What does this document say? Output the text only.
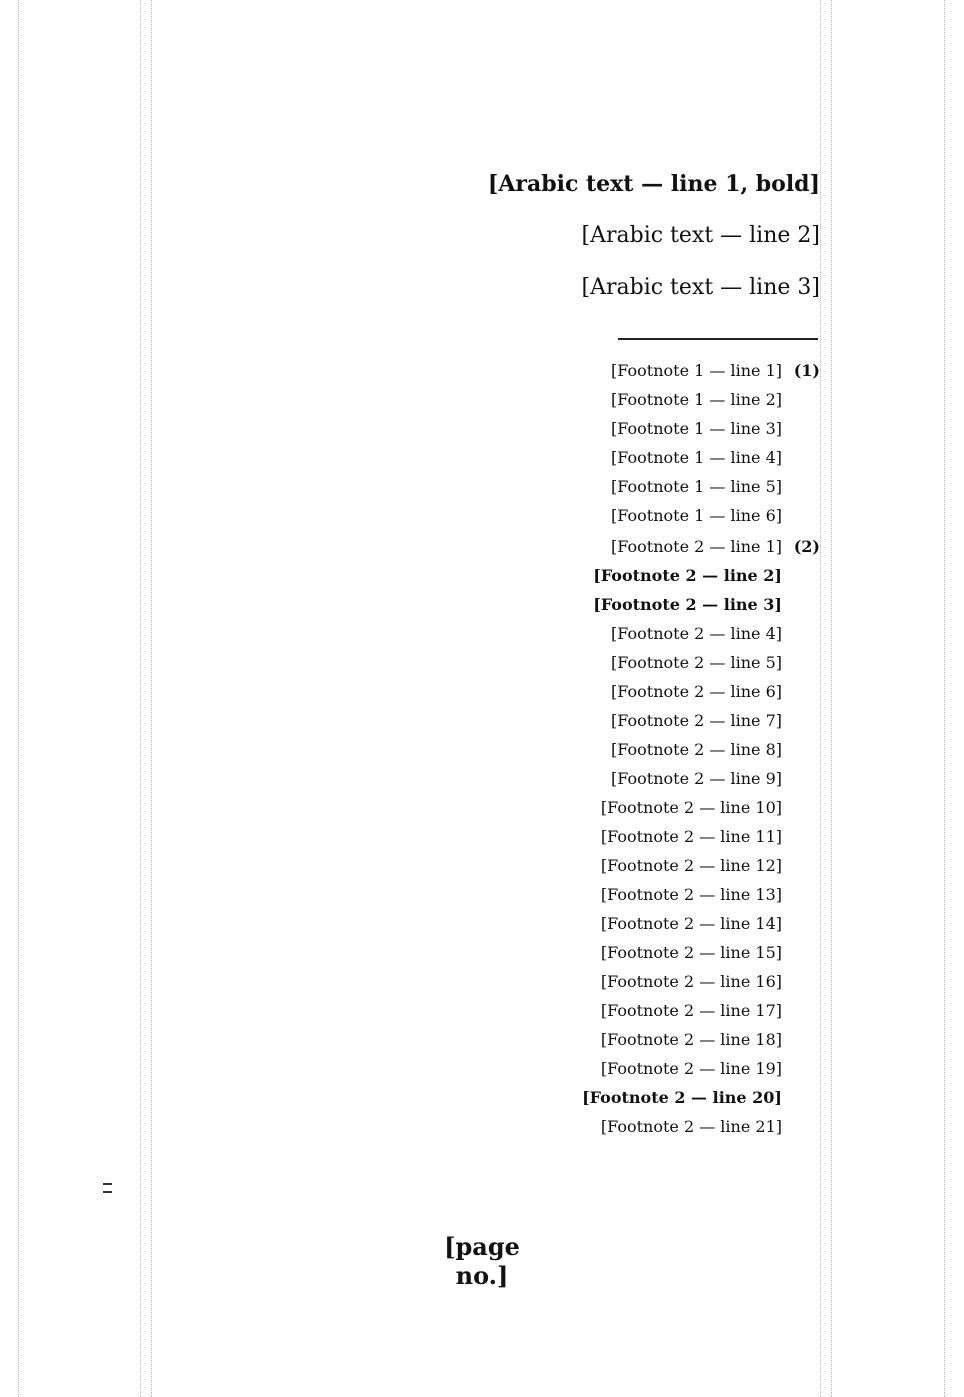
[Arabic text — line 1, bold]
[Arabic text — line 2]
[Arabic text — line 3]
(1)
[Footnote 1 — line 1]
[Footnote 1 — line 2]
[Footnote 1 — line 3]
[Footnote 1 — line 4]
[Footnote 1 — line 5]
[Footnote 1 — line 6]
(2)
[Footnote 2 — line 1]
[Footnote 2 — line 2]
[Footnote 2 — line 3]
[Footnote 2 — line 4]
[Footnote 2 — line 5]
[Footnote 2 — line 6]
[Footnote 2 — line 7]
[Footnote 2 — line 8]
[Footnote 2 — line 9]
[Footnote 2 — line 10]
[Footnote 2 — line 11]
[Footnote 2 — line 12]
[Footnote 2 — line 13]
[Footnote 2 — line 14]
[Footnote 2 — line 15]
[Footnote 2 — line 16]
[Footnote 2 — line 17]
[Footnote 2 — line 18]
[Footnote 2 — line 19]
[Footnote 2 — line 20]
[Footnote 2 — line 21]
[page no.]
